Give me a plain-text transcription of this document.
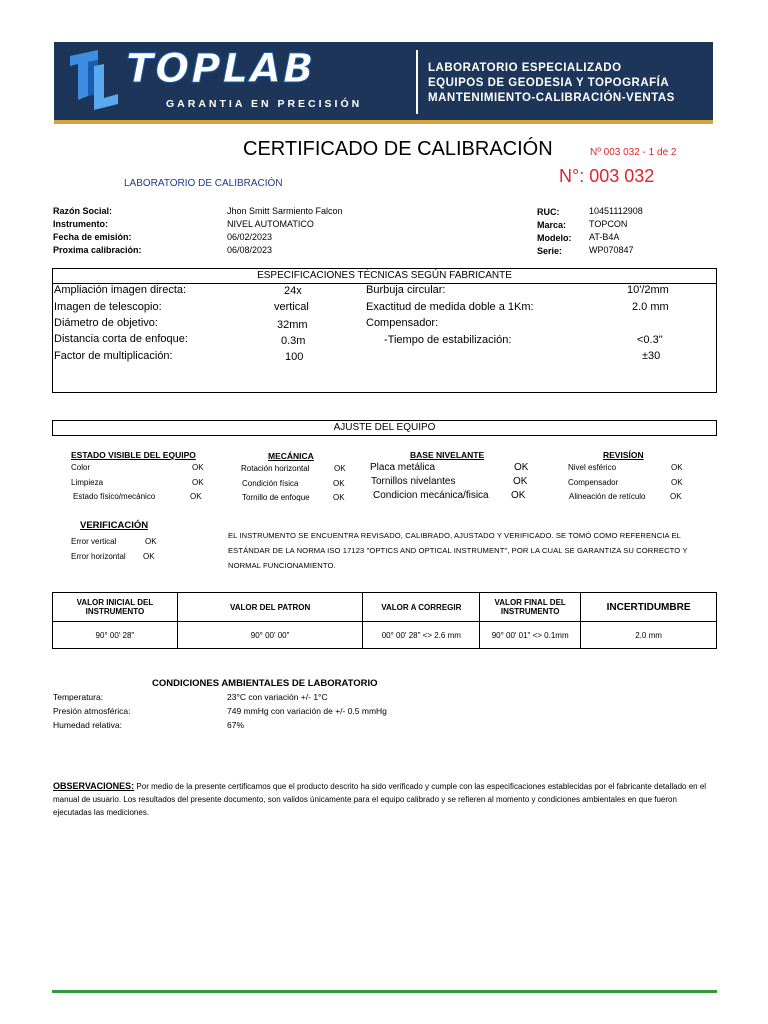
TOPLAB
GARANTIA EN PRECISIÓN
LABORATORIO ESPECIALIZADO
EQUIPOS DE GEODESIA Y TOPOGRAFÍA
MANTENIMIENTO-CALIBRACIÓN-VENTAS
CERTIFICADO DE CALIBRACIÓN	Nº 003 032 - 1 de 2
N°: 003 032
LABORATORIO DE CALIBRACIÓN
Razón Social:	Jhon Smitt Sarmiento Falcon
Instrumento:	NIVEL AUTOMATICO
Fecha de emisión:	06/02/2023
Proxima calibración:	06/08/2023
RUC:	10451112908
Marca:	TOPCON
Modelo: AT-B4A
Serie:	WP070847
ESPECIFICACIONES TÉCNICAS SEGÚN FABRICANTE
Ampliación imagen directa:	24x
Imagen de telescopio:	vertical
Diámetro de objetivo:	32mm
Distancia corta de enfoque:	0.3m
Factor de multiplicación:	100
Burbuja circular:	10'/2mm
Exactitud de medida doble a 1Km:	2.0 mm
Compensador:
-Tiempo de estabilización:	<0.3"
±30
AJUSTE DEL EQUIPO
ESTADO VISIBLE DEL EQUIPO
Color	OK
Limpieza	OK
Estado físico/mecánico	OK
MECÁNICA
Rotación horizontal	OK
Condición física	OK
Tornillo de enfoque	OK
BASE NIVELANTE
Placa metálica	OK
Tornillos nivelantes	OK
Condicion mecánica/fisica OK
REVISÍON
Nivel esférico	OK
Compensador	OK
Alineación de retículo	OK
VERIFICACIÓN
Error vertical	OK
Error horizontal OK
EL INSTRUMENTO SE ENCUENTRA REVISADO, CALIBRADO, AJUSTADO Y VERIFICADO. SE TOMÓ COMO REFERENCIA EL ESTÁNDAR DE LA NORMA ISO 17123 "OPTICS AND OPTICAL INSTRUMENT", POR LA CUAL SE GARANTIZA SU CORRECTO Y NORMAL FUNCIONAMIENTO.
VALOR INICIAL DEL INSTRUMENTO	VALOR DEL PATRON	VALOR A CORREGIR	VALOR FINAL DEL INSTRUMENTO	INCERTIDUMBRE
90° 00' 28"	90° 00' 00"	00° 00' 28" <> 2.6 mm	90° 00' 01" <> 0.1mm	2.0 mm
CONDICIONES AMBIENTALES DE LABORATORIO
Temperatura:	23°C con variación +/- 1°C
Presión atmosférica:	749 mmHg con variación de +/- 0.5 mmHg
Humedad relativa:	67%
OBSERVACIONES: Por medio de la presente certificamos que el producto descrito ha sido verificado y cumple con las especificaciones establecidas por el fabricante detallado en el manual de usuario. Los resultados del presente documento, son validos únicamente para el equipo calibrado y se refieren al momento y condiciones ambientales en que fueron ejecutadas las mediciones.
